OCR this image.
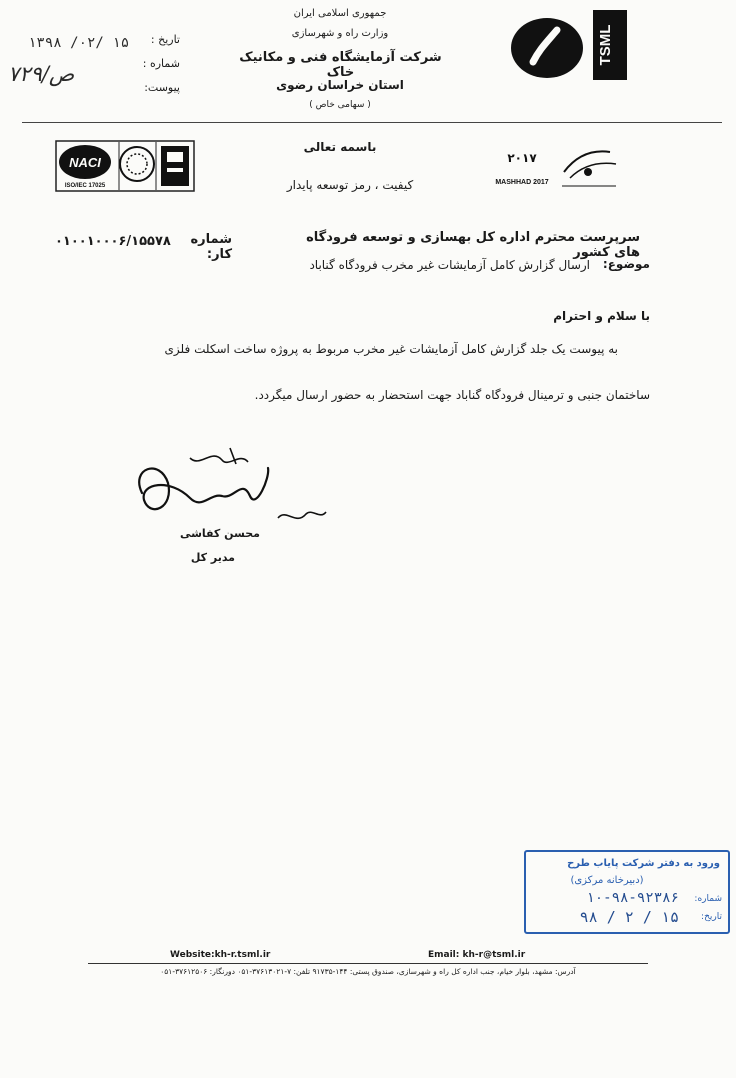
جمهوری اسلامی ایران
وزارت راه و شهرسازی
شرکت آزمایشگاه فنی و مکانیک خاک
استان خراسان رضوی
( سهامی خاص )
تاریخ :
شماره :
پیوست:
۱۳۹۸ /۰۲/ ۱۵
ص/۷۲۹
TSML
باسمه تعالی
کیفیت ، رمز توسعه پایدار
NACI
ISO/IEC 17025
۲۰۱۷
MASHHAD 2017
سرپرست محترم اداره کل بهسازی و توسعه فرودگاه های کشور
شماره کار:
۰۱۰۰۱۰۰۰۶/۱۵۵۷۸
موضوع:
ارسال گزارش کامل آزمایشات غیر مخرب فرودگاه گناباد
با سلام و احترام
به پیوست یک جلد گزارش کامل آزمایشات غیر مخرب مربوط به پروژه ساخت اسکلت فلزی
ساختمان جنبی و ترمینال فرودگاه گناباد جهت استحضار به حضور ارسال میگردد.
محسن کفاشی
مدیر کل
ورود به دفتر شرکت پایاب طرح
(دبیرخانه مرکزی)
شماره:
۱۰-۹۸-۹۲۳۸۶
تاریخ:
۹۸ / ۲ / ۱۵
Website:kh-r.tsml.ir	Email: kh-r@tsml.ir
آدرس: مشهد، بلوار خیام، جنب اداره کل راه و شهرسازی، صندوق پستی: ۱۴۴-۹۱۷۳۵ تلفن: ۷-۳۷۶۱۳۰۲۱-۰۵۱ دورنگار: ۳۷۶۱۲۵۰۶-۰۵۱
